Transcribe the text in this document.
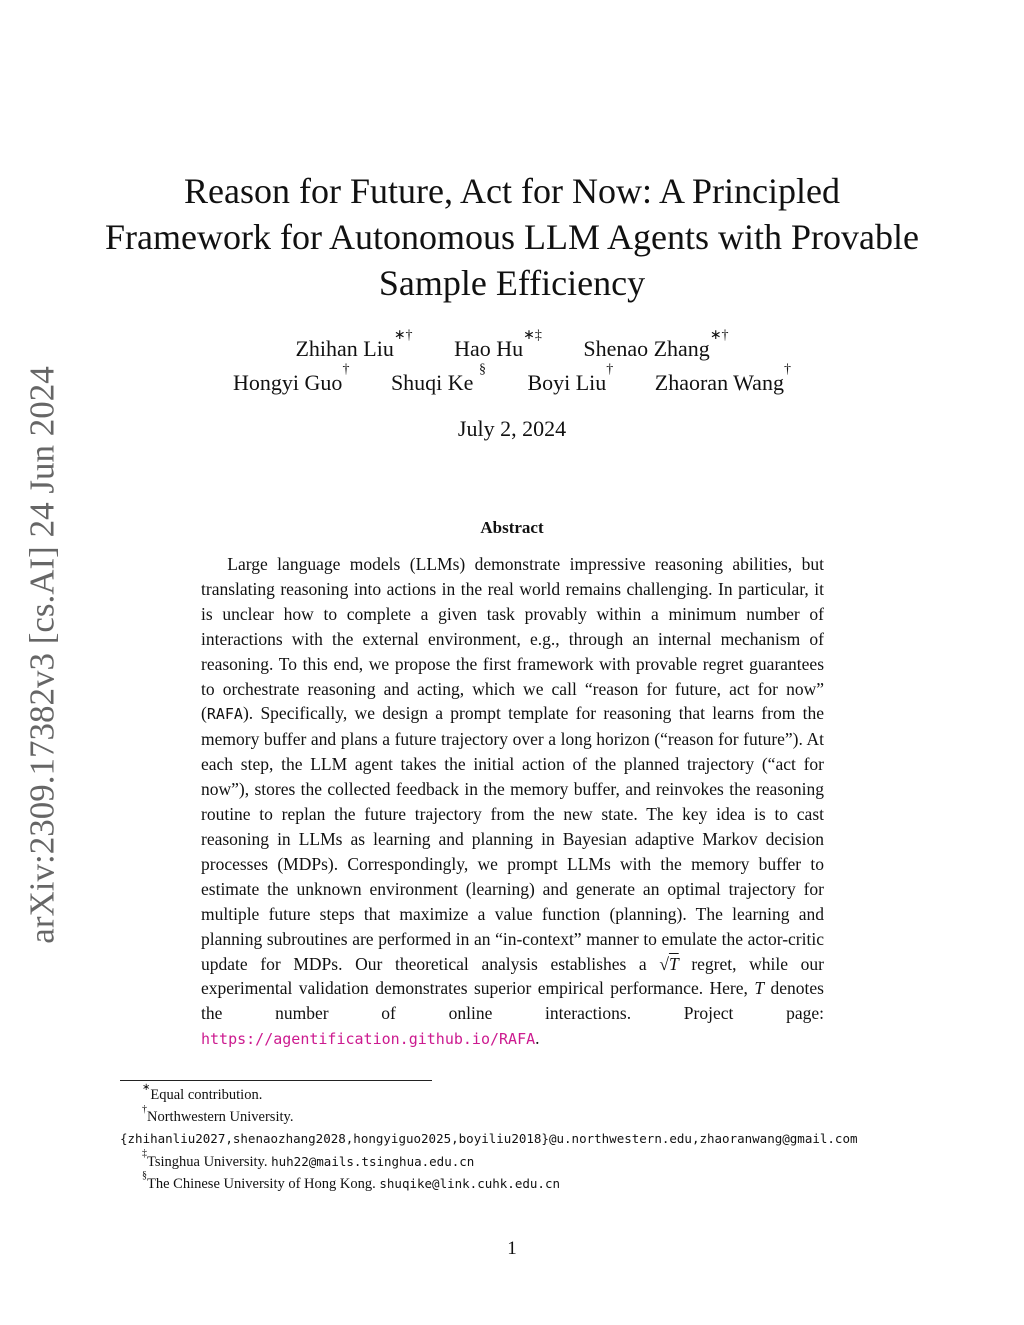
arXiv:2309.17382v3 [cs.AI] 24 Jun 2024
Reason for Future, Act for Now: A Principled Framework for Autonomous LLM Agents with Provable Sample Efficiency
Zhihan Liu∗† Hao Hu∗‡ Shenao Zhang∗†
Hongyi Guo† Shuqi Ke § Boyi Liu† Zhaoran Wang†
July 2, 2024
Abstract

Large language models (LLMs) demonstrate impressive reasoning abilities, but translating reasoning into actions in the real world remains challenging. In particular, it is unclear how to complete a given task provably within a minimum number of interactions with the external environment, e.g., through an internal mechanism of reasoning. To this end, we propose the first framework with provable regret guarantees to orchestrate reasoning and acting, which we call “reason for future, act for now” (RAFA). Specifically, we design a prompt template for reasoning that learns from the memory buffer and plans a future trajectory over a long horizon (“reason for future”). At each step, the LLM agent takes the initial action of the planned trajectory (“act for now”), stores the collected feedback in the memory buffer, and reinvokes the reasoning routine to replan the future trajectory from the new state. The key idea is to cast reasoning in LLMs as learning and planning in Bayesian adaptive Markov decision processes (MDPs). Correspondingly, we prompt LLMs with the memory buffer to estimate the unknown environment (learning) and generate an optimal trajectory for multiple future steps that maximize a value function (planning). The learning and planning subroutines are performed in an “in-context” manner to emulate the actor-critic update for MDPs. Our theoretical analysis establishes a √T regret, while our experimental validation demonstrates superior empirical performance. Here, T denotes the number of online interactions. Project page: https://agentification.github.io/RAFA.

∗Equal contribution.

†Northwestern University. {zhihanliu2027,shenaozhang2028,hongyiguo2025,boyiliu2018}@u.northwestern.edu,zhaoranwang@gmail.com

‡Tsinghua University. huh22@mails.tsinghua.edu.cn

§The Chinese University of Hong Kong. shuqike@link.cuhk.edu.cn

1
